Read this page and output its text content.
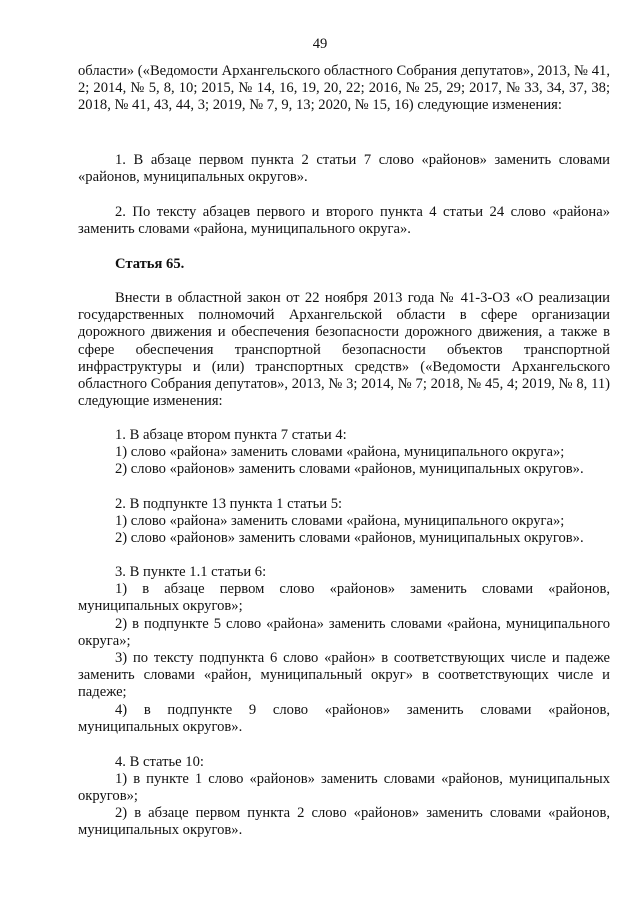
49

области» («Ведомости Архангельского областного Собрания депутатов», 2013, № 41, 2; 2014, № 5, 8, 10; 2015, № 14, 16, 19, 20, 22; 2016, № 25, 29; 2017, № 33, 34, 37, 38; 2018, № 41, 43, 44, 3; 2019, № 7, 9, 13; 2020, № 15, 16) следующие изменения:

1. В абзаце первом пункта 2 статьи 7 слово «районов» заменить словами «районов, муниципальных округов».

2. По тексту абзацев первого и второго пункта 4 статьи 24 слово «района» заменить словами «района, муниципального округа».

Статья 65.

Внести в областной закон от 22 ноября 2013 года № 41-3-ОЗ «О реализации государственных полномочий Архангельской области в сфере организации дорожного движения и обеспечения безопасности дорожного движения, а также в сфере обеспечения транспортной безопасности объектов транспортной инфраструктуры и (или) транспортных средств» («Ведомости Архангельского областного Собрания депутатов», 2013, № 3; 2014, № 7; 2018, № 45, 4; 2019, № 8, 11) следующие изменения:

1. В абзаце втором пункта 7 статьи 4:

1) слово «района» заменить словами «района, муниципального округа»;

2) слово «районов» заменить словами «районов, муниципальных округов».

2. В подпункте 13 пункта 1 статьи 5:

1) слово «района» заменить словами «района, муниципального округа»;

2) слово «районов» заменить словами «районов, муниципальных округов».

3. В пункте 1.1 статьи 6:

1) в абзаце первом слово «районов» заменить словами «районов, муниципальных округов»;

2) в подпункте 5 слово «района» заменить словами «района, муниципального округа»;

3) по тексту подпункта 6 слово «район» в соответствующих числе и падеже заменить словами «район, муниципальный округ» в соответствующих числе и падеже;

4) в подпункте 9 слово «районов» заменить словами «районов, муниципальных округов».

4. В статье 10:

1) в пункте 1 слово «районов» заменить словами «районов, муниципальных округов»;

2) в абзаце первом пункта 2 слово «районов» заменить словами «районов, муниципальных округов».
